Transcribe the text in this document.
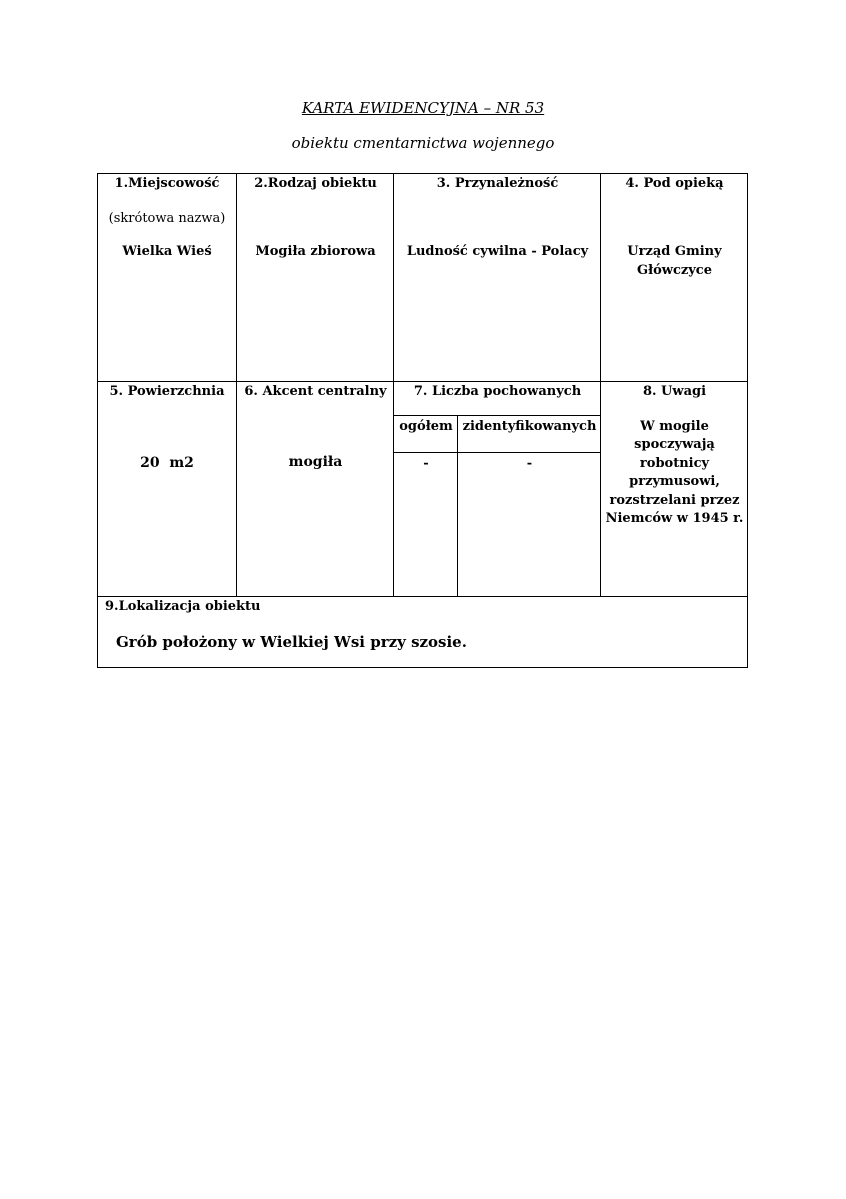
KARTA EWIDENCYJNA – NR 53
obiektu cmentarnictwa wojennego
1.Miejscowość
(skrótowa nazwa)
Wielka Wieś
2.Rodzaj obiektu
Mogiła zbiorowa
3. Przynależność
Ludność cywilna - Polacy
4. Pod opieką
Urząd Gminy
Główczyce
5. Powierzchnia
20  m2
6. Akcent centralny
mogiła
7. Liczba pochowanych
ogółem zidentyfikowanych
-	-
8. Uwagi
W mogile
spoczywają
robotnicy
przymusowi,
rozstrzelani przez
Niemców w 1945 r.
9.Lokalizacja obiektu
Grób położony w Wielkiej Wsi przy szosie.
